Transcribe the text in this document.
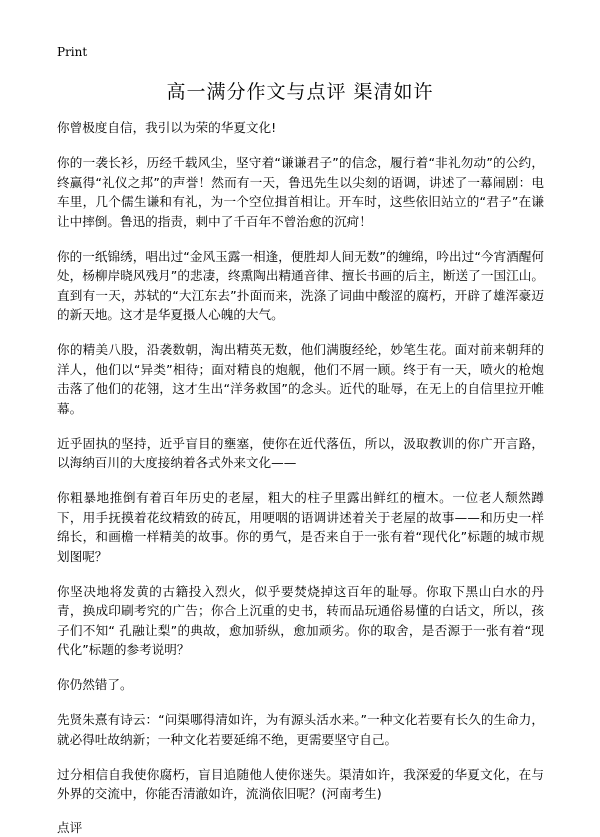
Print
高一满分作文与点评 渠清如许

你曾极度自信，我引以为荣的华夏文化!

你的一袭长衫，历经千载风尘，坚守着“谦谦君子”的信念，履行着“非礼勿动”的公约，终赢得“礼仪之邦”的声誉！然而有一天，鲁迅先生以尖刻的语调，讲述了一幕闹剧：电车里，几个儒生谦和有礼，为一个空位揖首相让。开车时，这些依旧站立的“君子”在谦让中摔倒。鲁迅的指责，刺中了千百年不曾治愈的沉疴！

你的一纸锦绣，唱出过“金风玉露一相逢，便胜却人间无数”的缠绵，吟出过“今宵酒醒何处，杨柳岸晓风残月”的悲凄，终熏陶出精通音律、擅长书画的后主，断送了一国江山。直到有一天，苏轼的“大江东去”扑面而来，洗涤了词曲中酸涩的腐朽，开辟了雄浑豪迈的新天地。这才是华夏摄人心魄的大气。

你的精美八股，沿袭数朝，淘出精英无数，他们满腹经纶，妙笔生花。面对前来朝拜的洋人，他们以“异类”相待；面对精良的炮舰，他们不屑一顾。终于有一天，喷火的枪炮击落了他们的花翎，这才生出“洋务救国”的念头。近代的耻辱，在无上的自信里拉开帷幕。

近乎固执的坚持，近乎盲目的壅塞，使你在近代落伍，所以，汲取教训的你广开言路，以海纳百川的大度接纳着各式外来文化——

你粗暴地推倒有着百年历史的老屋，粗大的柱子里露出鲜红的檀木。一位老人颓然蹲下，用手抚摸着花纹精致的砖瓦，用哽咽的语调讲述着关于老屋的故事——和历史一样绵长，和画檐一样精美的故事。你的勇气，是否来自于一张有着“现代化”标题的城市规划图呢？

你坚决地将发黄的古籍投入烈火，似乎要焚烧掉这百年的耻辱。你取下黑山白水的丹青，换成印刷考究的广告；你合上沉重的史书，转而品玩通俗易懂的白话文，所以，孩子们不知“ 孔融让梨”的典故，愈加骄纵，愈加顽劣。你的取舍，是否源于一张有着“现代化”标题的参考说明？

你仍然错了。

先贤朱熹有诗云：“问渠哪得清如许，为有源头活水来。”一种文化若要有长久的生命力，就必得吐故纳新；一种文化若要延绵不绝，更需要坚守自己。

过分相信自我使你腐朽，盲目追随他人使你迷失。渠清如许，我深爱的华夏文化，在与外界的交流中，你能否清澈如许，流淌依旧呢？(河南考生)

点评
